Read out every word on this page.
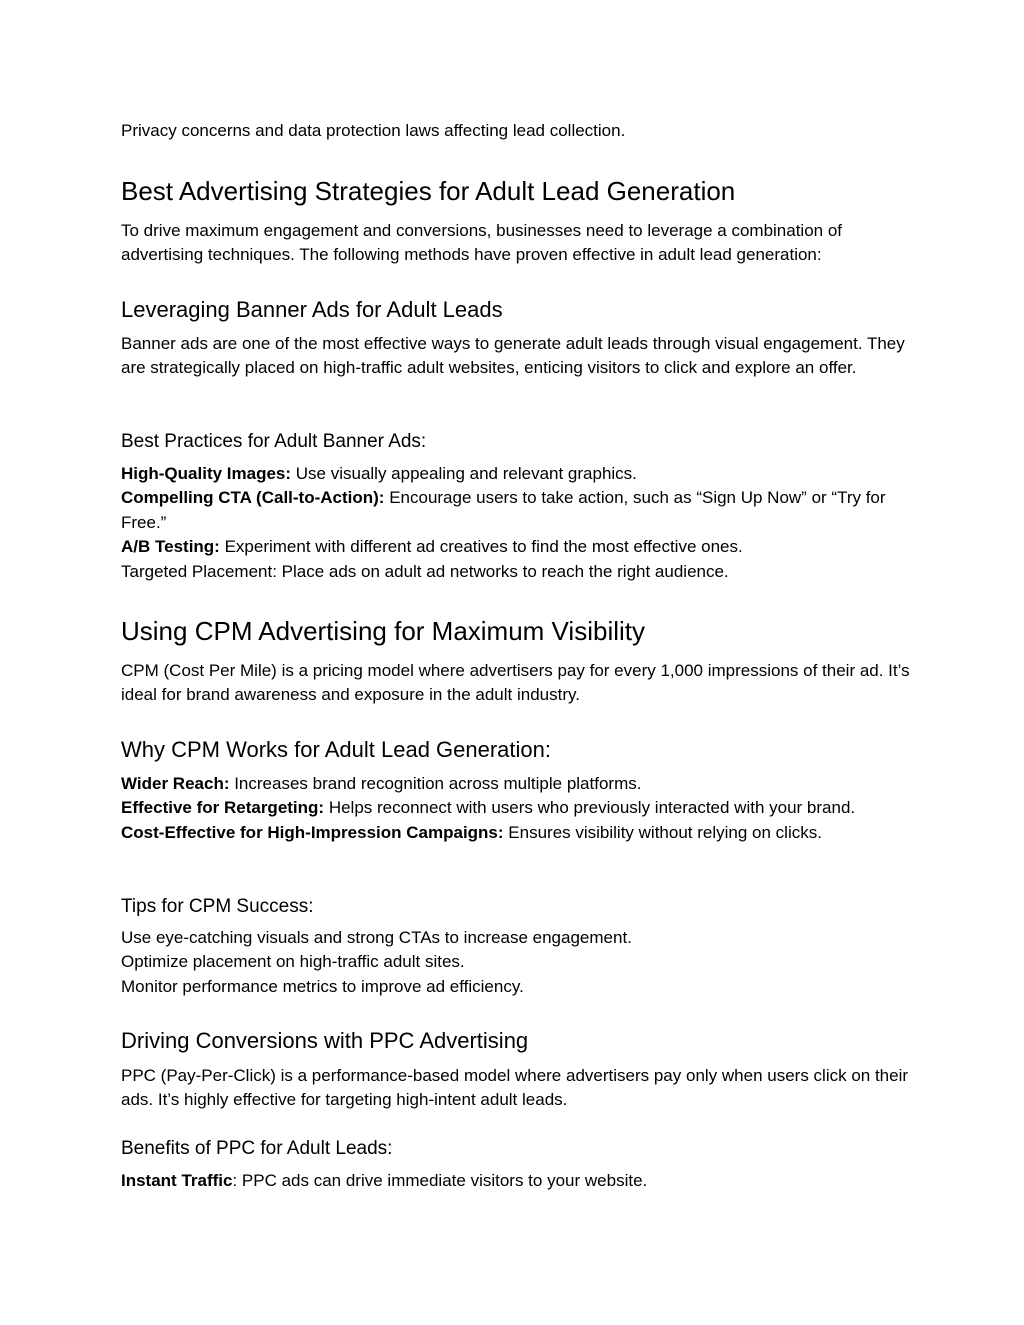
Privacy concerns and data protection laws affecting lead collection.

Best Advertising Strategies for Adult Lead Generation

To drive maximum engagement and conversions, businesses need to leverage a combination of advertising techniques. The following methods have proven effective in adult lead generation:

Leveraging Banner Ads for Adult Leads

Banner ads are one of the most effective ways to generate adult leads through visual engagement. They are strategically placed on high-traffic adult websites, enticing visitors to click and explore an offer.

Best Practices for Adult Banner Ads:
High-Quality Images: Use visually appealing and relevant graphics.
Compelling CTA (Call-to-Action): Encourage users to take action, such as “Sign Up Now” or “Try for Free.”
A/B Testing: Experiment with different ad creatives to find the most effective ones.
Targeted Placement: Place ads on adult ad networks to reach the right audience.
Using CPM Advertising for Maximum Visibility

CPM (Cost Per Mile) is a pricing model where advertisers pay for every 1,000 impressions of their ad. It’s ideal for brand awareness and exposure in the adult industry.

Why CPM Works for Adult Lead Generation:
Wider Reach: Increases brand recognition across multiple platforms.
Effective for Retargeting: Helps reconnect with users who previously interacted with your brand.
Cost-Effective for High-Impression Campaigns: Ensures visibility without relying on clicks.
Tips for CPM Success:
Use eye-catching visuals and strong CTAs to increase engagement.
Optimize placement on high-traffic adult sites.
Monitor performance metrics to improve ad efficiency.
Driving Conversions with PPC Advertising

PPC (Pay-Per-Click) is a performance-based model where advertisers pay only when users click on their ads. It’s highly effective for targeting high-intent adult leads.

Benefits of PPC for Adult Leads:
Instant Traffic: PPC ads can drive immediate visitors to your website.
